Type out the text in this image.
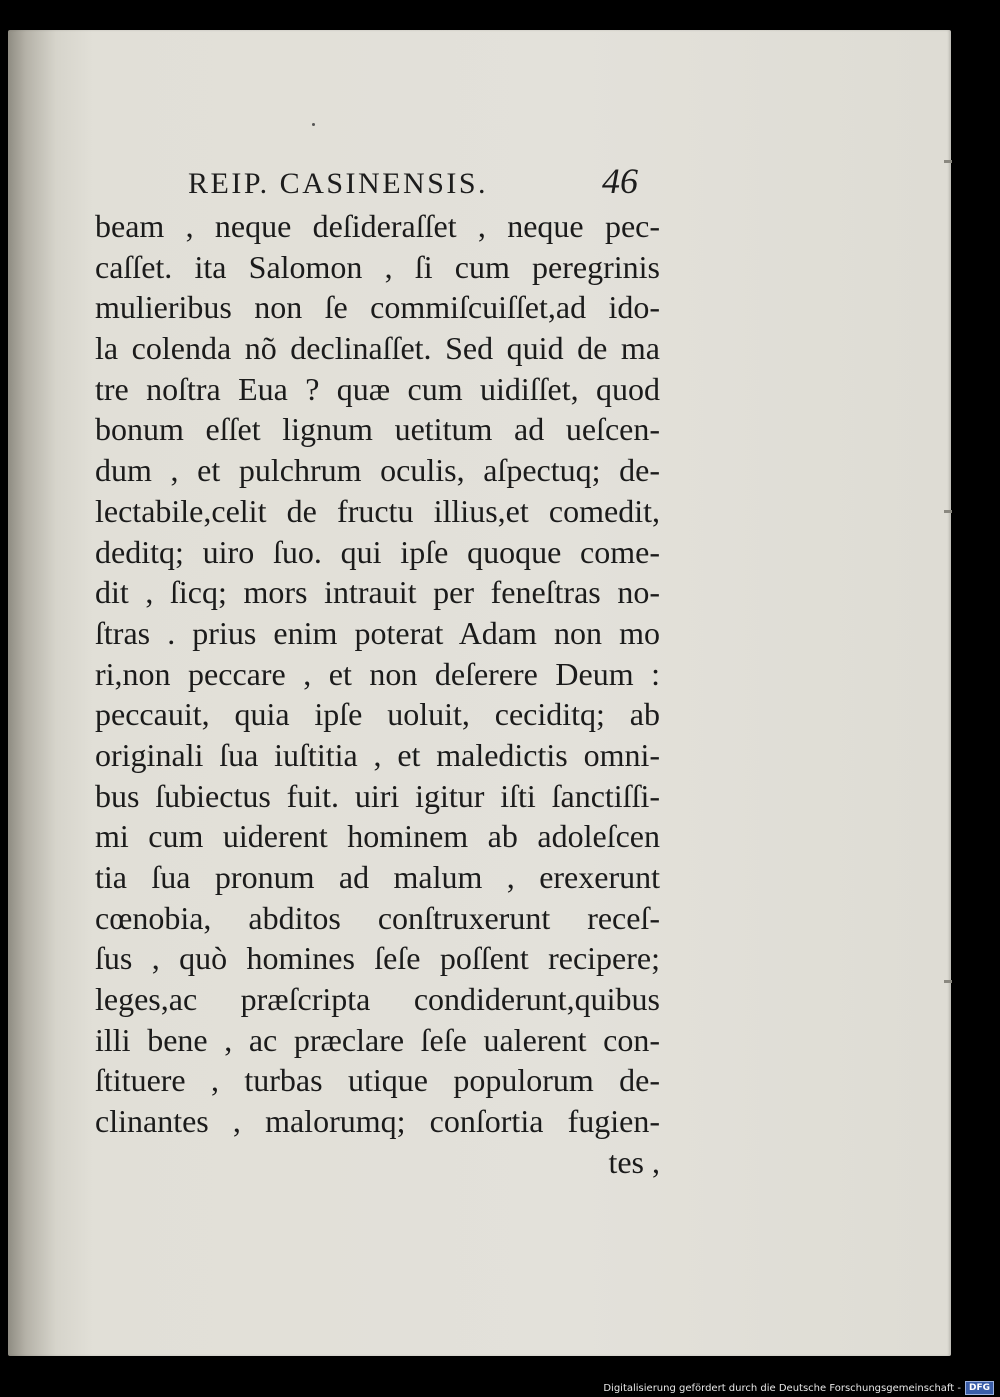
REIP. CASINENSIS.	46
beam , neque deſideraſſet , neque pec-
caſſet. ita Salomon , ſi cum peregrinis
mulieribus non ſe commiſcuiſſet,ad ido-
la colenda nõ declinaſſet. Sed quid de ma
tre noſtra Eua ? quæ cum uidiſſet, quod
bonum eſſet lignum uetitum ad ueſcen-
dum , et pulchrum oculis, aſpectuq; de-
lectabile,celit de fructu illius,et comedit,
deditq; uiro ſuo. qui ipſe quoque come-
dit , ſicq; mors intrauit per feneſtras no-
ſtras . prius enim poterat Adam non mo
ri,non peccare , et non deſerere Deum :
peccauit, quia ipſe uoluit, ceciditq; ab
originali ſua iuſtitia , et maledictis omni-
bus ſubiectus fuit. uiri igitur iſti ſanctiſſi-
mi cum uiderent hominem ab adoleſcen
tia ſua pronum ad malum , erexerunt
cœnobia, abditos conſtruxerunt receſ-
ſus , quò homines ſeſe poſſent recipere;
leges,ac præſcripta condiderunt,quibus
illi bene , ac præclare ſeſe ualerent con-
ſtituere , turbas utique populorum de-
clinantes , malorumq; conſortia fugien-
tes ,
Digitalisierung gefördert durch die Deutsche Forschungsgemeinschaft - DFG
